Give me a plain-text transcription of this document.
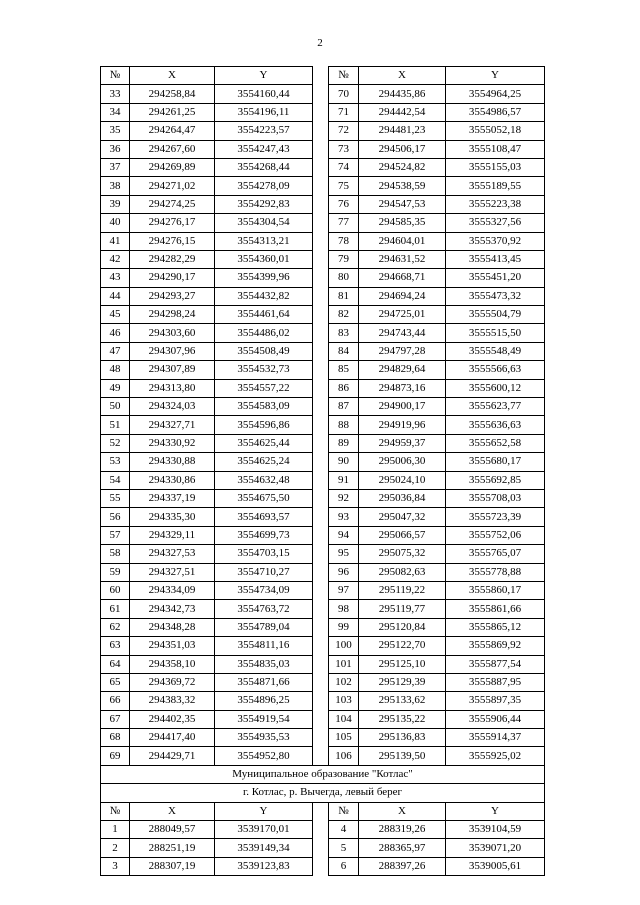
2
№	X	Y		№	X	Y
33	294258,84	3554160,44		70	294435,86	3554964,25
34	294261,25	3554196,11		71	294442,54	3554986,57
35	294264,47	3554223,57		72	294481,23	3555052,18
36	294267,60	3554247,43		73	294506,17	3555108,47
37	294269,89	3554268,44		74	294524,82	3555155,03
38	294271,02	3554278,09		75	294538,59	3555189,55
39	294274,25	3554292,83		76	294547,53	3555223,38
40	294276,17	3554304,54		77	294585,35	3555327,56
41	294276,15	3554313,21		78	294604,01	3555370,92
42	294282,29	3554360,01		79	294631,52	3555413,45
43	294290,17	3554399,96		80	294668,71	3555451,20
44	294293,27	3554432,82		81	294694,24	3555473,32
45	294298,24	3554461,64		82	294725,01	3555504,79
46	294303,60	3554486,02		83	294743,44	3555515,50
47	294307,96	3554508,49		84	294797,28	3555548,49
48	294307,89	3554532,73		85	294829,64	3555566,63
49	294313,80	3554557,22		86	294873,16	3555600,12
50	294324,03	3554583,09		87	294900,17	3555623,77
51	294327,71	3554596,86		88	294919,96	3555636,63
52	294330,92	3554625,44		89	294959,37	3555652,58
53	294330,88	3554625,24		90	295006,30	3555680,17
54	294330,86	3554632,48		91	295024,10	3555692,85
55	294337,19	3554675,50		92	295036,84	3555708,03
56	294335,30	3554693,57		93	295047,32	3555723,39
57	294329,11	3554699,73		94	295066,57	3555752,06
58	294327,53	3554703,15		95	295075,32	3555765,07
59	294327,51	3554710,27		96	295082,63	3555778,88
60	294334,09	3554734,09		97	295119,22	3555860,17
61	294342,73	3554763,72		98	295119,77	3555861,66
62	294348,28	3554789,04		99	295120,84	3555865,12
63	294351,03	3554811,16		100	295122,70	3555869,92
64	294358,10	3554835,03		101	295125,10	3555877,54
65	294369,72	3554871,66		102	295129,39	3555887,95
66	294383,32	3554896,25		103	295133,62	3555897,35
67	294402,35	3554919,54		104	295135,22	3555906,44
68	294417,40	3554935,53		105	295136,83	3555914,37
69	294429,71	3554952,80		106	295139,50	3555925,02
Муниципальное образование "Котлас"						
г. Котлас, р. Вычегда, левый берег						
№	X	Y		№	X	Y
1	288049,57	3539170,01		4	288319,26	3539104,59
2	288251,19	3539149,34		5	288365,97	3539071,20
3	288307,19	3539123,83		6	288397,26	3539005,61
